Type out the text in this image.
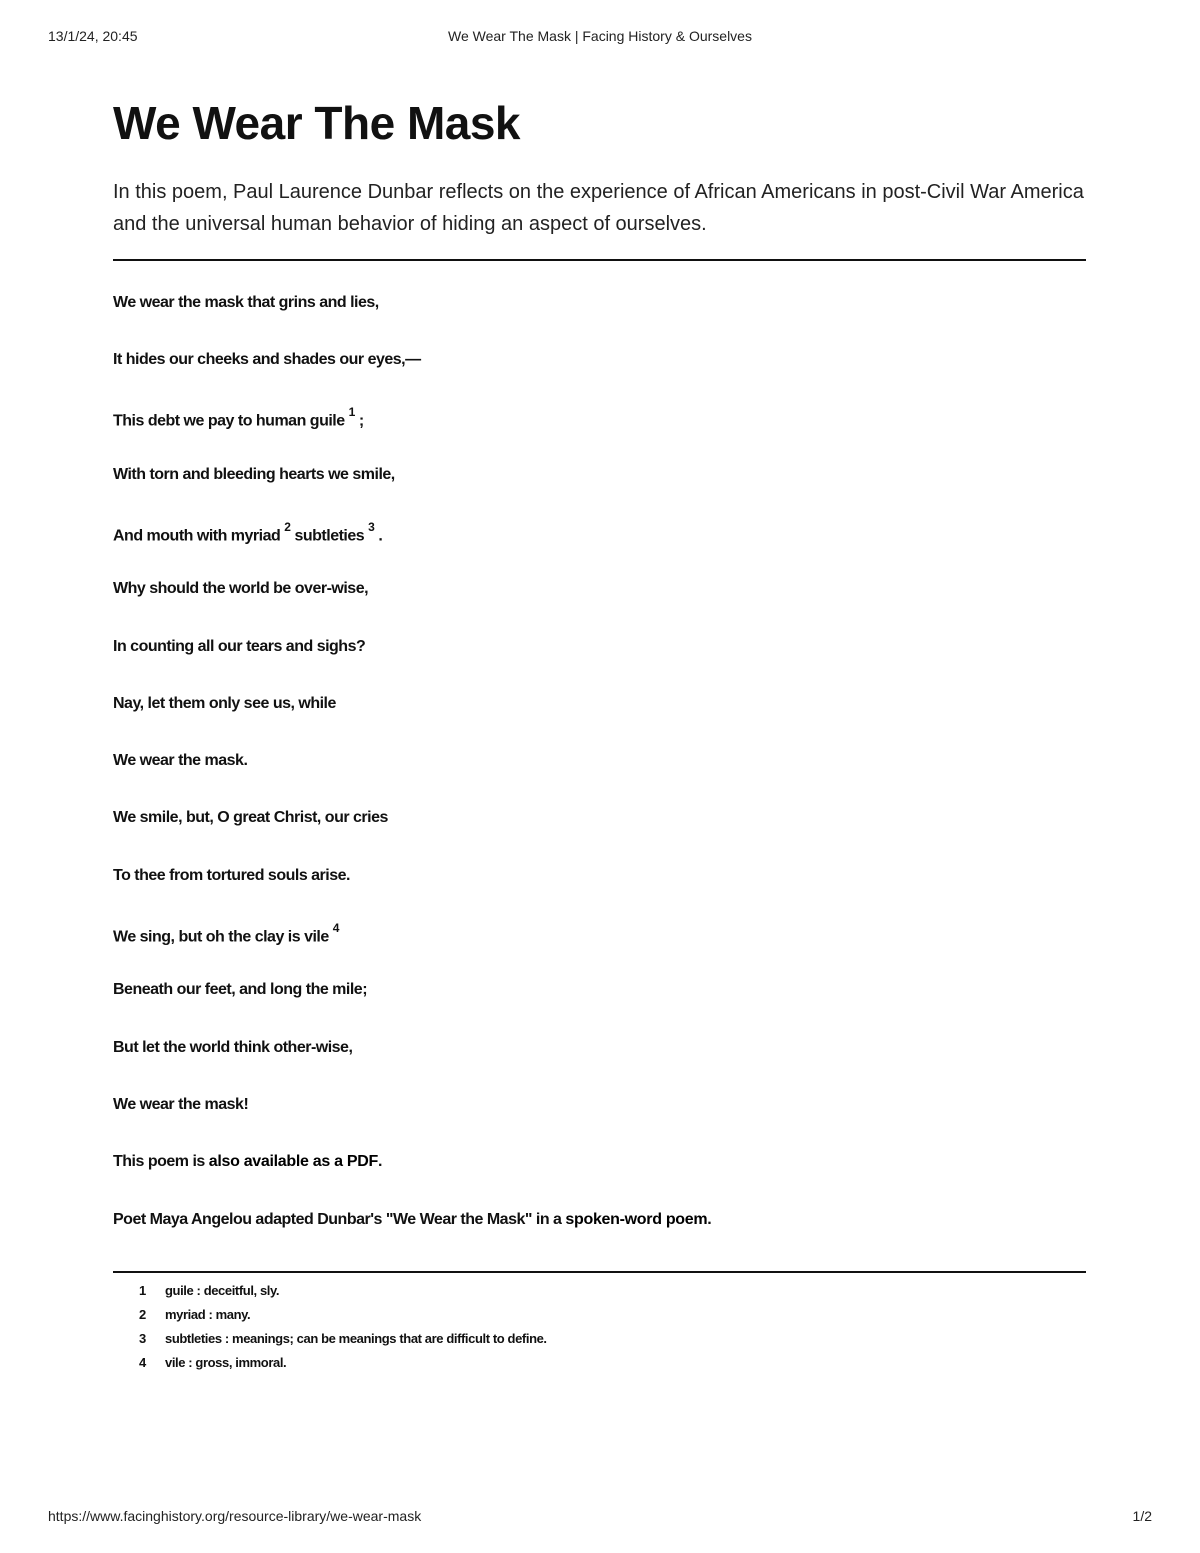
13/1/24, 20:45	We Wear The Mask | Facing History & Ourselves
We Wear The Mask

In this poem, Paul Laurence Dunbar reflects on the experience of African Americans in post-Civil War America and the universal human behavior of hiding an aspect of ourselves.

We wear the mask that grins and lies,

It hides our cheeks and shades our eyes,—

This debt we pay to human guile$^1$;

With torn and bleeding hearts we smile,

And mouth with myriad$^2$subtleties$^3$.

Why should the world be over-wise,

In counting all our tears and sighs?

Nay, let them only see us, while

We wear the mask.

We smile, but, O great Christ, our cries

To thee from tortured souls arise.

We sing, but oh the clay is vile$^4$

Beneath our feet, and long the mile;

But let the world think other-wise,

We wear the mask!

This poem is also available as a PDF.

Poet Maya Angelou adapted Dunbar's "We Wear the Mask" in a spoken-word poem.

1 guile : deceitful, sly.
2 myriad : many.
3 subtleties : meanings; can be meanings that are difficult to define.
4 vile : gross, immoral.
https://www.facinghistory.org/resource-library/we-wear-mask	1/2
